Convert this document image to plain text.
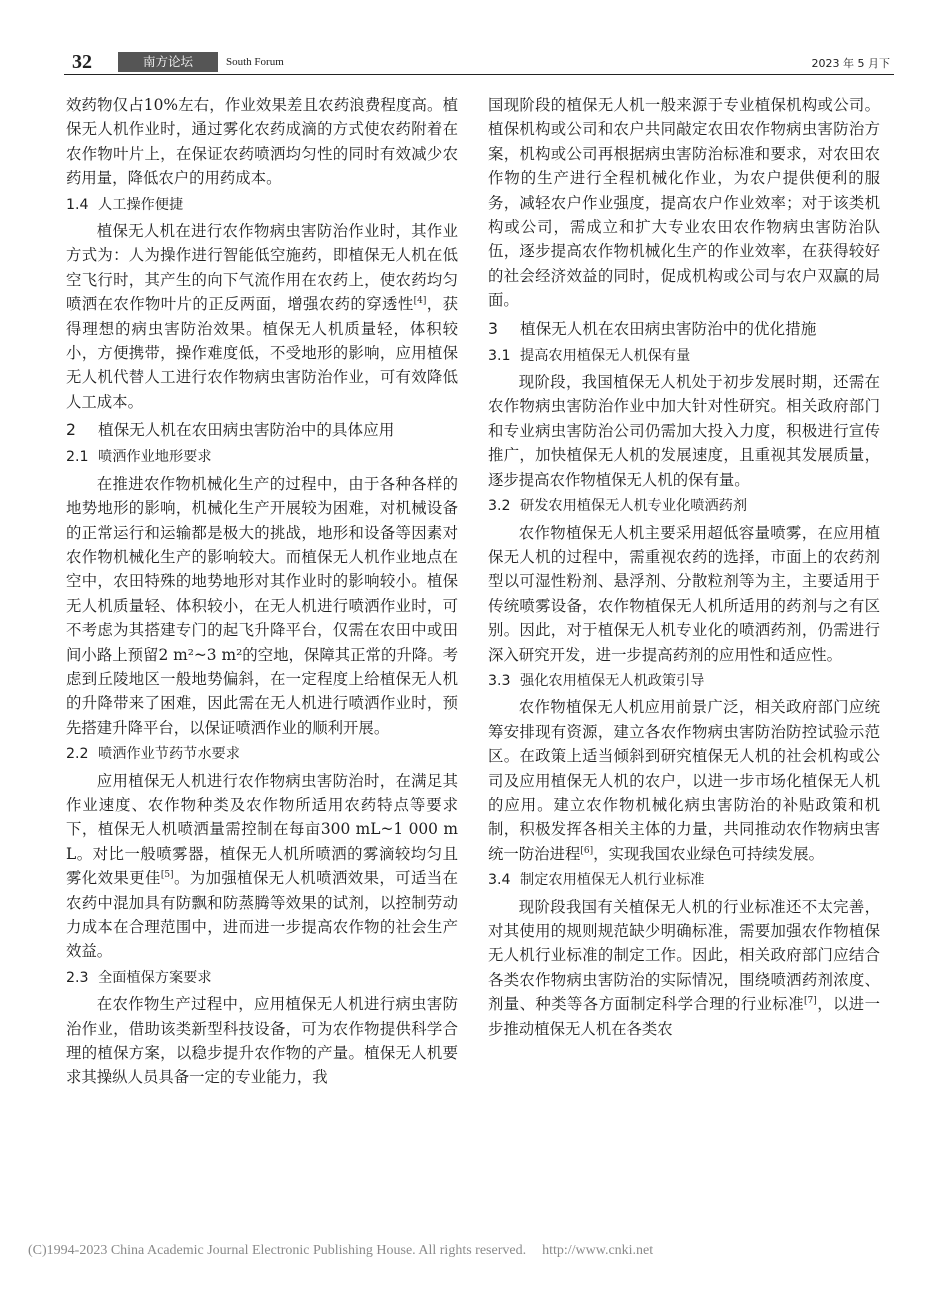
32	南方论坛	South Forum	2023 年 5 月下

效药物仅占10%左右，作业效果差且农药浪费程度高。植保无人机作业时，通过雾化农药成滴的方式使农药附着在农作物叶片上，在保证农药喷洒均匀性的同时有效减少农药用量，降低农户的用药成本。

1.4 人工操作便捷

植保无人机在进行农作物病虫害防治作业时，其作业方式为：人为操作进行智能低空施药，即植保无人机在低空飞行时，其产生的向下气流作用在农药上，使农药均匀喷洒在农作物叶片的正反两面，增强农药的穿透性[4]，获得理想的病虫害防治效果。植保无人机质量轻，体积较小，方便携带，操作难度低，不受地形的影响，应用植保无人机代替人工进行农作物病虫害防治作业，可有效降低人工成本。

2 植保无人机在农田病虫害防治中的具体应用
2.1 喷洒作业地形要求

在推进农作物机械化生产的过程中，由于各种各样的地势地形的影响，机械化生产开展较为困难，对机械设备的正常运行和运输都是极大的挑战，地形和设备等因素对农作物机械化生产的影响较大。而植保无人机作业地点在空中，农田特殊的地势地形对其作业时的影响较小。植保无人机质量轻、体积较小，在无人机进行喷洒作业时，可不考虑为其搭建专门的起飞升降平台，仅需在农田中或田间小路上预留2 m²~3 m²的空地，保障其正常的升降。考虑到丘陵地区一般地势偏斜，在一定程度上给植保无人机的升降带来了困难，因此需在无人机进行喷洒作业时，预先搭建升降平台，以保证喷洒作业的顺利开展。

2.2 喷洒作业节药节水要求

应用植保无人机进行农作物病虫害防治时，在满足其作业速度、农作物种类及农作物所适用农药特点等要求下，植保无人机喷洒量需控制在每亩300 mL~1 000 mL。对比一般喷雾器，植保无人机所喷洒的雾滴较均匀且雾化效果更佳[5]。为加强植保无人机喷洒效果，可适当在农药中混加具有防飘和防蒸腾等效果的试剂，以控制劳动力成本在合理范围中，进而进一步提高农作物的社会生产效益。

2.3 全面植保方案要求

在农作物生产过程中，应用植保无人机进行病虫害防治作业，借助该类新型科技设备，可为农作物提供科学合理的植保方案，以稳步提升农作物的产量。植保无人机要求其操纵人员具备一定的专业能力，我

国现阶段的植保无人机一般来源于专业植保机构或公司。植保机构或公司和农户共同敲定农田农作物病虫害防治方案，机构或公司再根据病虫害防治标准和要求，对农田农作物的生产进行全程机械化作业，为农户提供便利的服务，减轻农户作业强度，提高农户作业效率；对于该类机构或公司，需成立和扩大专业农田农作物病虫害防治队伍，逐步提高农作物机械化生产的作业效率，在获得较好的社会经济效益的同时，促成机构或公司与农户双赢的局面。

3 植保无人机在农田病虫害防治中的优化措施
3.1 提高农用植保无人机保有量

现阶段，我国植保无人机处于初步发展时期，还需在农作物病虫害防治作业中加大针对性研究。相关政府部门和专业病虫害防治公司仍需加大投入力度，积极进行宣传推广，加快植保无人机的发展速度，且重视其发展质量，逐步提高农作物植保无人机的保有量。

3.2 研发农用植保无人机专业化喷洒药剂

农作物植保无人机主要采用超低容量喷雾，在应用植保无人机的过程中，需重视农药的选择，市面上的农药剂型以可湿性粉剂、悬浮剂、分散粒剂等为主，主要适用于传统喷雾设备，农作物植保无人机所适用的药剂与之有区别。因此，对于植保无人机专业化的喷洒药剂，仍需进行深入研究开发，进一步提高药剂的应用性和适应性。

3.3 强化农用植保无人机政策引导

农作物植保无人机应用前景广泛，相关政府部门应统筹安排现有资源，建立各农作物病虫害防治防控试验示范区。在政策上适当倾斜到研究植保无人机的社会机构或公司及应用植保无人机的农户，以进一步市场化植保无人机的应用。建立农作物机械化病虫害防治的补贴政策和机制，积极发挥各相关主体的力量，共同推动农作物病虫害统一防治进程[6]，实现我国农业绿色可持续发展。

3.4 制定农用植保无人机行业标准

现阶段我国有关植保无人机的行业标准还不太完善，对其使用的规则规范缺少明确标准，需要加强农作物植保无人机行业标准的制定工作。因此，相关政府部门应结合各类农作物病虫害防治的实际情况，围绕喷洒药剂浓度、剂量、种类等各方面制定科学合理的行业标准[7]，以进一步推动植保无人机在各类农

(C)1994-2023 China Academic Journal Electronic Publishing House. All rights reserved. http://www.cnki.net
